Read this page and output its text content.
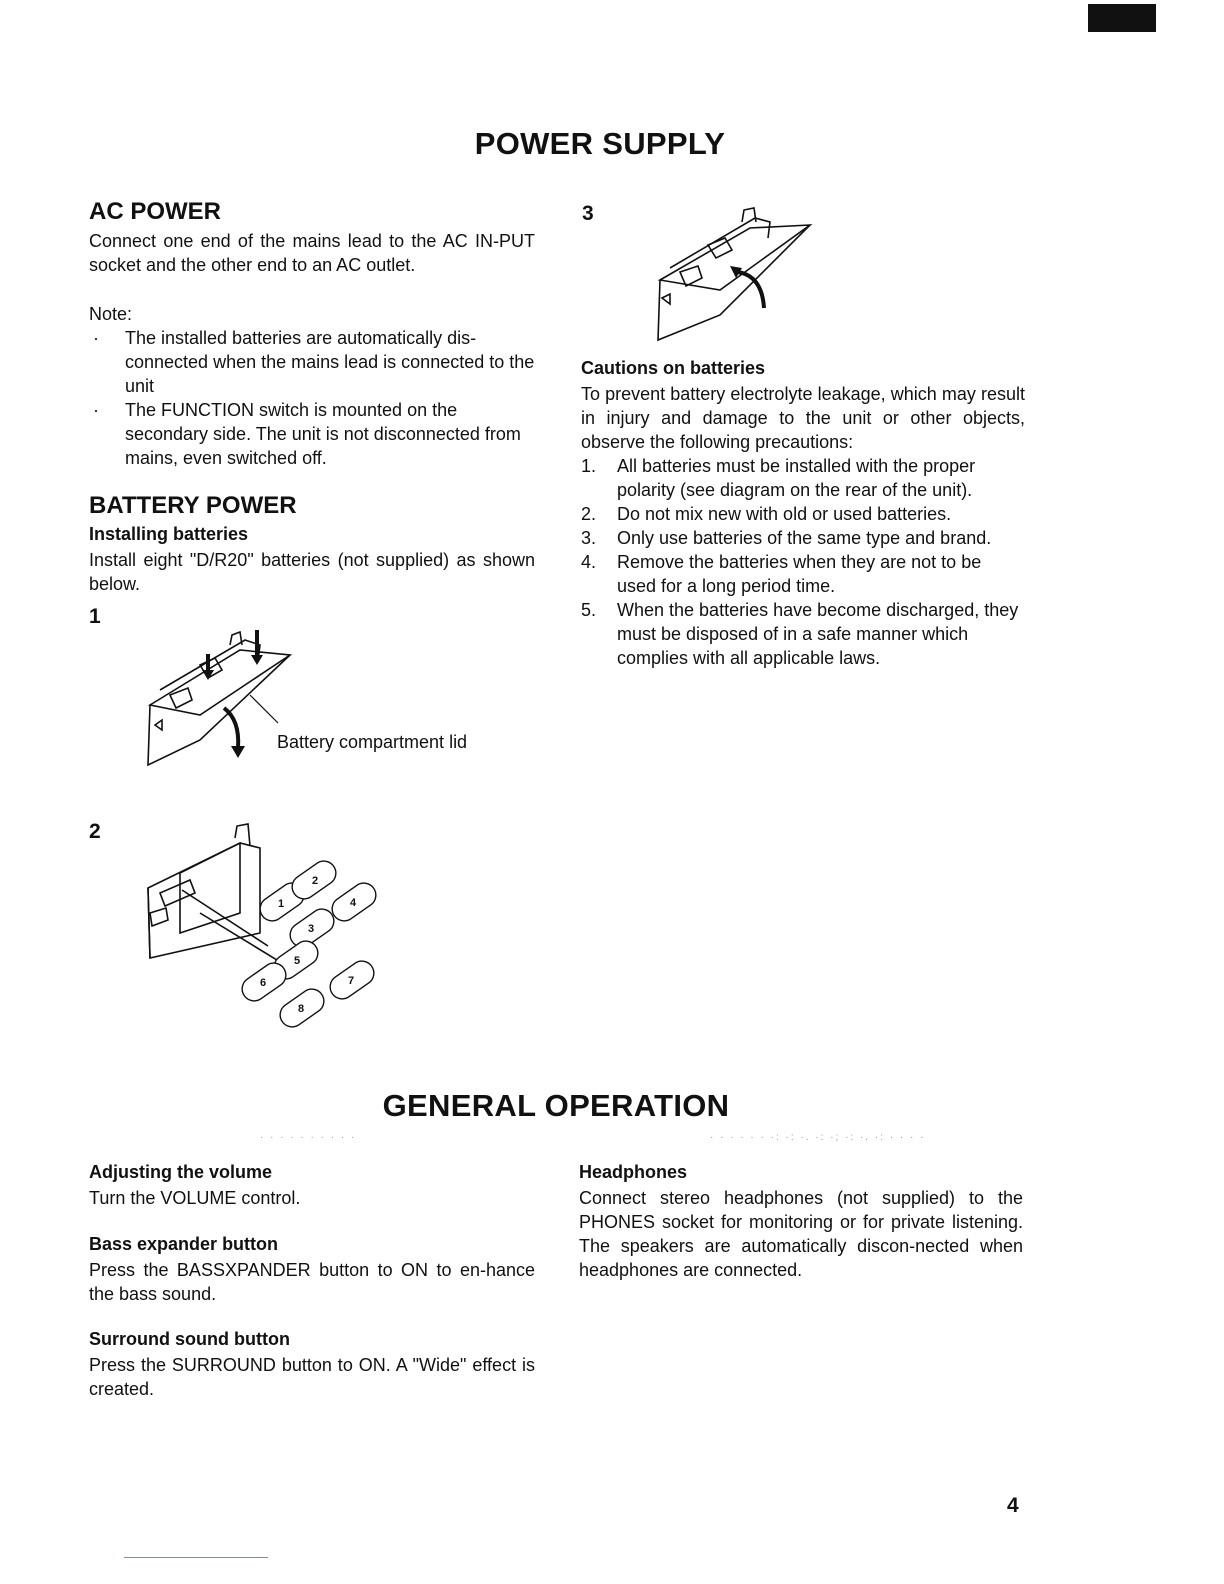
POWER SUPPLY
AC POWER

Connect one end of the mains lead to the AC IN-PUT socket and the other end to an AC outlet.

Note:
· The installed batteries are automatically dis-connected when the mains lead is connected to the unit
· The FUNCTION switch is mounted on the secondary side. The unit is not disconnected from mains, even switched off.
BATTERY POWER
Installing batteries

Install eight "D/R20" batteries (not supplied) as shown below.

1
Battery compartment lid
2
1
2
3
4
5
6	7
8
3
Cautions on batteries

To prevent battery electrolyte leakage, which may result in injury and damage to the unit or other objects, observe the following precautions:

1. All batteries must be installed with the proper polarity (see diagram on the rear of the unit).
2. Do not mix new with old or used batteries.
3. Only use batteries of the same type and brand.
4. Remove the batteries when they are not to be used for a long period time.
5. When the batteries have become discharged, they must be disposed of in a safe manner which complies with all applicable laws.
GENERAL OPERATION
· · · · · · · · · ·	· · · · · · ·: ·: ·. ·: ·; ·: ·. ·: · · · ·
Adjusting the volume

Turn the VOLUME control.

Bass expander button

Press the BASSXPANDER button to ON to en-hance the bass sound.

Surround sound button

Press the SURROUND button to ON. A "Wide" effect is created.

Headphones

Connect stereo headphones (not supplied) to the PHONES socket for monitoring or for private listening. The speakers are automatically discon-nected when headphones are connected.

4
